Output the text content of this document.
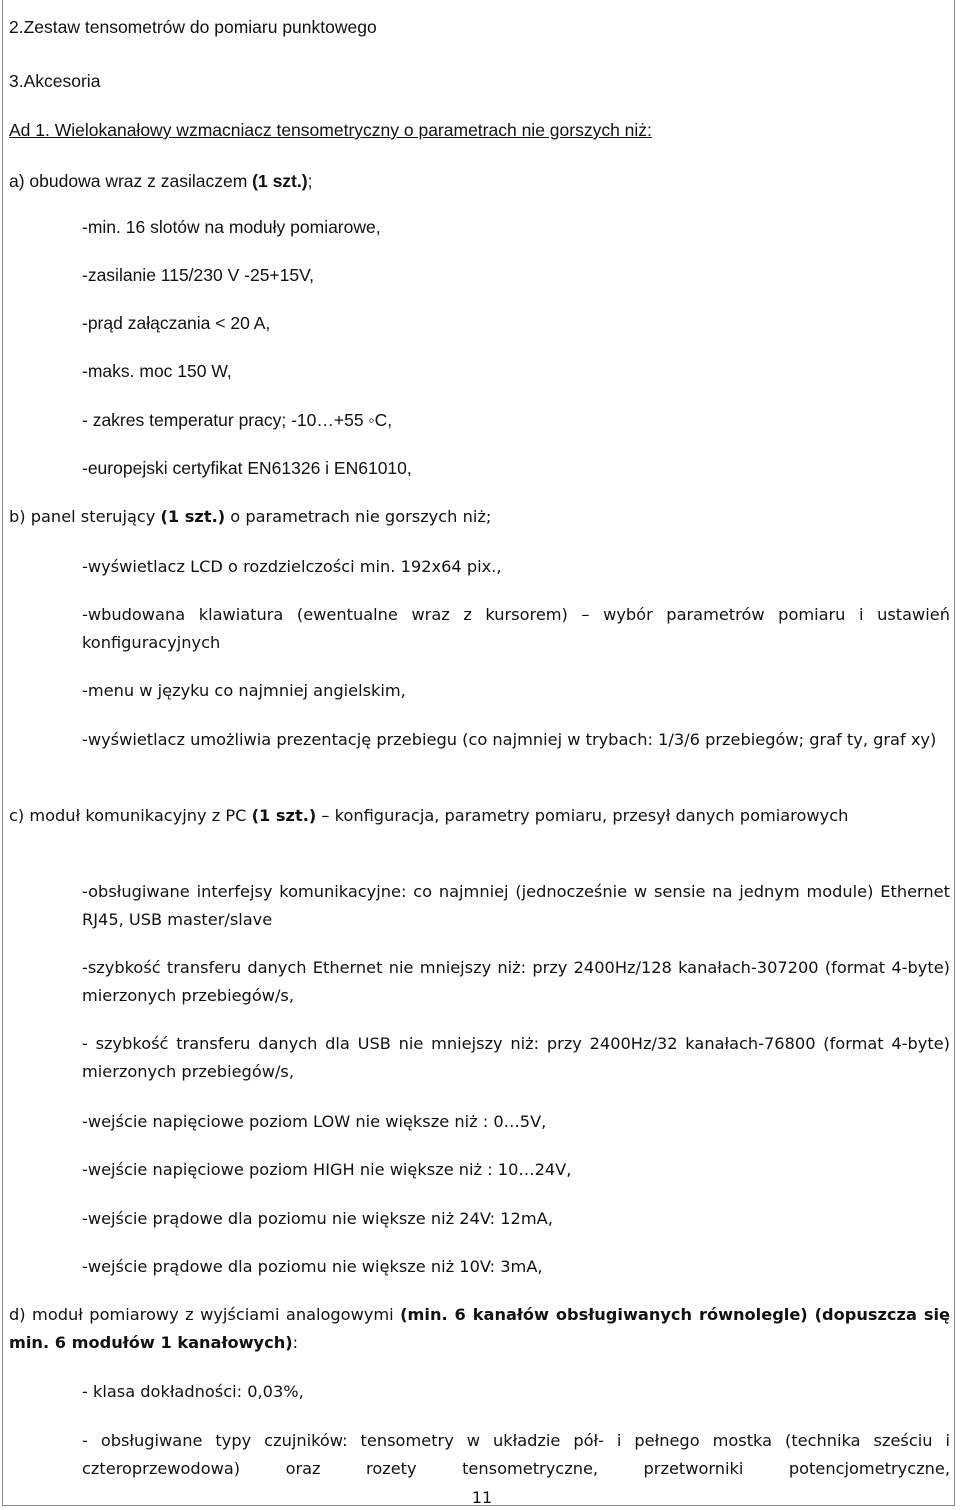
2.Zestaw tensometrów do pomiaru punktowego

3.Akcesoria

Ad 1. Wielokanałowy wzmacniacz tensometryczny o parametrach nie gorszych niż:

a) obudowa wraz z zasilaczem (1 szt.);

-min. 16 slotów na moduły pomiarowe,

-zasilanie 115/230 V -25+15V,

-prąd załączania < 20 A,

-maks. moc 150 W,

- zakres temperatur pracy; -10…+55 ◦C,

-europejski certyfikat EN61326 i EN61010,

b) panel sterujący (1 szt.) o parametrach nie gorszych niż;

-wyświetlacz LCD o rozdzielczości min. 192x64 pix.,

-wbudowana klawiatura (ewentualne wraz z kursorem) – wybór parametrów pomiaru i ustawień konfiguracyjnych

-menu w języku co najmniej angielskim,

-wyświetlacz umożliwia prezentację przebiegu (co najmniej w trybach: 1/3/6 przebiegów; graf ty, graf xy)

c) moduł komunikacyjny z PC (1 szt.) – konfiguracja, parametry pomiaru, przesył danych pomiarowych

-obsługiwane interfejsy komunikacyjne: co najmniej (jednocześnie w sensie na jednym module) Ethernet RJ45, USB master/slave

-szybkość transferu danych Ethernet nie mniejszy niż: przy 2400Hz/128 kanałach-307200 (format 4-byte) mierzonych przebiegów/s,

- szybkość transferu danych dla USB nie mniejszy niż: przy 2400Hz/32 kanałach-76800 (format 4-byte) mierzonych przebiegów/s,

-wejście napięciowe poziom LOW nie większe niż : 0…5V,

-wejście napięciowe poziom HIGH nie większe niż : 10…24V,

-wejście prądowe dla poziomu nie większe niż 24V: 12mA,

-wejście prądowe dla poziomu nie większe niż 10V: 3mA,

d) moduł pomiarowy z wyjściami analogowymi (min. 6 kanałów obsługiwanych równolegle) (dopuszcza się min. 6 modułów 1 kanałowych):

- klasa dokładności: 0,03%,

- obsługiwane typy czujników: tensometry w układzie pół- i pełnego mostka (technika sześciu i czteroprzewodowa) oraz rozety tensometryczne, przetworniki potencjometryczne,

11
